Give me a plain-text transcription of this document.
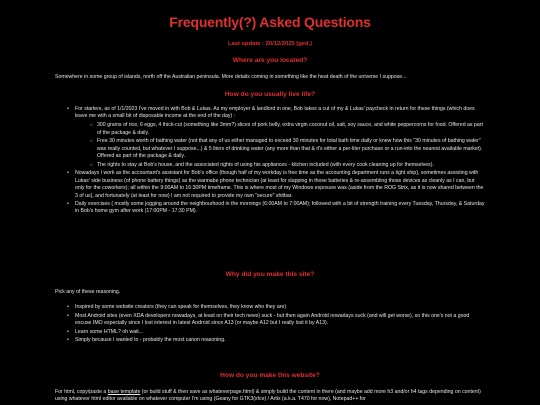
Frequently(?) Asked Questions
Last update : 20/12/2025 (ged.)
Where are you located?

Somewhere in some group of islands, north off the Australian peninsula. More details coming in something like the heat death of the universe I suppose...

How do you usually live life?
• For starters, as of 1/1/2023 I've moved in with Bob & Lukas. As my employer & landlord in one, Bob takes a cut of my & Lukas' paycheck in return for these things (which does leave me with a small bit of disposable income at the end of the day) :
○ 300 grams of rice, 6 eggs, 4 thick-cut (something like 3mm?) slices of pork belly, extra virgin coconut oil, salt, soy sauce, and white peppercorns for food. Offered as part of the package & daily.
○ Free 30 minutes worth of bathing water (not that any of us either managed to exceed 30 minutes for total bath time daily or knew how this "30 minutes of bathing water" was really counted, but whatever I suppose...) & 5 liters of drinking water (any more than that & it's either a per-liter purchase or a run-into the nearest available market). Offered as part of the package & daily.
○ The rights to stay at Bob's house, and the associated rights of using his appliances - kitchen included (with every cook cleaning up for themselves).
• Nowadays I work as the accountant's assistant for Bob's office (though half of my workday is free time as the accounting department runs a tight ship), sometimes assisting with Lukas' side business (of phone battery things) as the wannabe phone technician (at least for slapping in those batteries & re-assembling those devices as cleanly as I can, but only for the coworkers); all within the 9:00AM to 16:30PM timeframe. This is where most of my Windows exposure was (aside from the ROG Strix, as it is now shared between the 3 of us), and fortunately (at least for now) I am not required to provide my own "secure" shitbar.
• Daily exercises ( mostly some jogging around the neighbourhood in the mornings (6:00AM to 7:00AM); followed with a bit of strength training every Tuesday, Thursday, & Saturday in Bob's home gym after work (17:00PM - 17:30 PM).
Why did you make this site?

Pick any of these reasoning.

• Inspired by some website creators (they can speak for themselves, they know who they are)
• Most Android sites (even XDA developers nowadays, at least on their tech news) suck - but then again Android nowadays suck (and will get worse), so this one's not a good excuse IMO especially since I lost interest in latest Android since A13 (or maybe A12 but I really lost it by A13).
• Learn some HTML? oh wait...
• Simply because I wanted to - probably the most canon reasoning.
How do you make this website?

For html, copy/paste a base template (or build stuff & then save as whateverpage.html) & simply build the content in there (and maybe add more h3 and/or h4 tags depending on content) using whatever html editor available on whatever computer I'm using (Geany for GTK3(xfce) / Artix (a.k.a. T470 for now), Notepad++ for
